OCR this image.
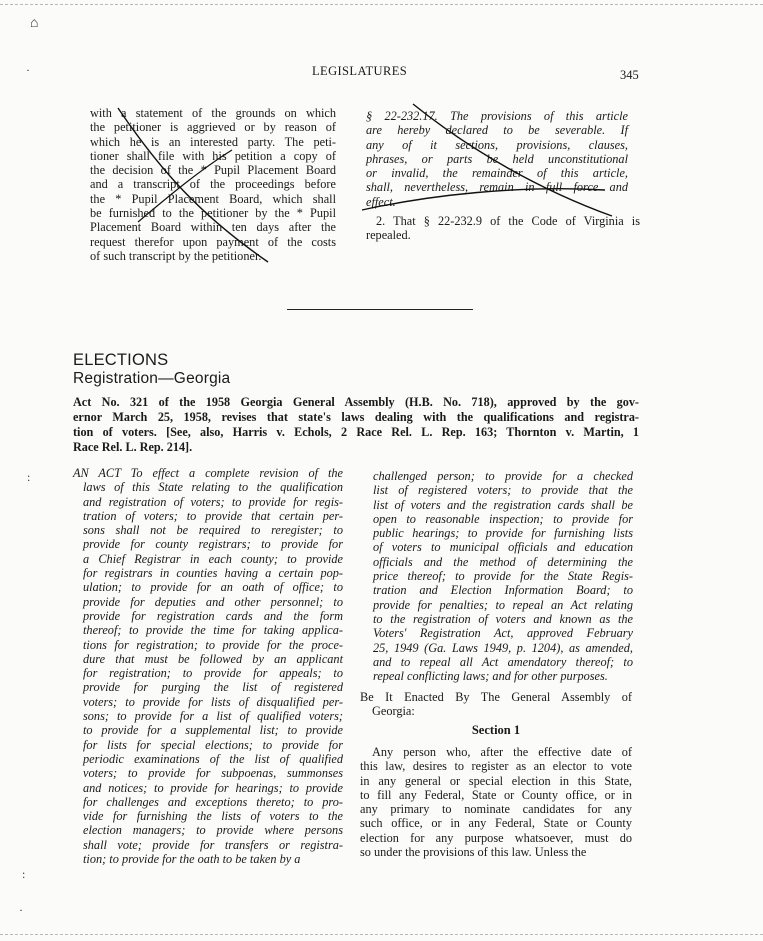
⌂
·
:
:
·
LEGISLATURES	345
with a statement of the grounds on which
the petitioner is aggrieved or by reason of
which he is an interested party. The peti-
tioner shall file with his petition a copy of
the decision of the * Pupil Placement Board
and a transcript of the proceedings before
the * Pupil Placement Board, which shall
be furnished to the petitioner by the * Pupil
Placement Board within ten days after the
request therefor upon payment of the costs
of such transcript by the petitioner.
§ 22-232.17. The provisions of this article
are hereby declared to be severable. If
any of it sections, provisions, clauses,
phrases, or parts be held unconstitutional
or invalid, the remainder of this article,
shall, nevertheless, remain in full force and
effect.
2. That § 22-232.9 of the Code of Virginia is
repealed.
ELECTIONS
Registration—Georgia
Act No. 321 of the 1958 Georgia General Assembly (H.B. No. 718), approved by the gov-
ernor March 25, 1958, revises that state's laws dealing with the qualifications and registra-
tion of voters. [See, also, Harris v. Echols, 2 Race Rel. L. Rep. 163; Thornton v. Martin, 1
Race Rel. L. Rep. 214].
AN ACT To effect a complete revision of the
laws of this State relating to the qualification
and registration of voters; to provide for regis-
tration of voters; to provide that certain per-
sons shall not be required to reregister; to
provide for county registrars; to provide for
a Chief Registrar in each county; to provide
for registrars in counties having a certain pop-
ulation; to provide for an oath of office; to
provide for deputies and other personnel; to
provide for registration cards and the form
thereof; to provide the time for taking applica-
tions for registration; to provide for the proce-
dure that must be followed by an applicant
for registration; to provide for appeals; to
provide for purging the list of registered
voters; to provide for lists of disqualified per-
sons; to provide for a list of qualified voters;
to provide for a supplemental list; to provide
for lists for special elections; to provide for
periodic examinations of the list of qualified
voters; to provide for subpoenas, summonses
and notices; to provide for hearings; to provide
for challenges and exceptions thereto; to pro-
vide for furnishing the lists of voters to the
election managers; to provide where persons
shall vote; provide for transfers or registra-
tion; to provide for the oath to be taken by a
challenged person; to provide for a checked
list of registered voters; to provide that the
list of voters and the registration cards shall be
open to reasonable inspection; to provide for
public hearings; to provide for furnishing lists
of voters to municipal officials and education
officials and the method of determining the
price thereof; to provide for the State Regis-
tration and Election Information Board; to
provide for penalties; to repeal an Act relating
to the registration of voters and known as the
Voters' Registration Act, approved February
25, 1949 (Ga. Laws 1949, p. 1204), as amended,
and to repeal all Act amendatory thereof; to
repeal conflicting laws; and for other purposes.
Be It Enacted By The General Assembly of
Georgia:
Section 1
Any person who, after the effective date of
this law, desires to register as an elector to vote
in any general or special election in this State,
to fill any Federal, State or County office, or in
any primary to nominate candidates for any
such office, or in any Federal, State or County
election for any purpose whatsoever, must do
so under the provisions of this law. Unless the
